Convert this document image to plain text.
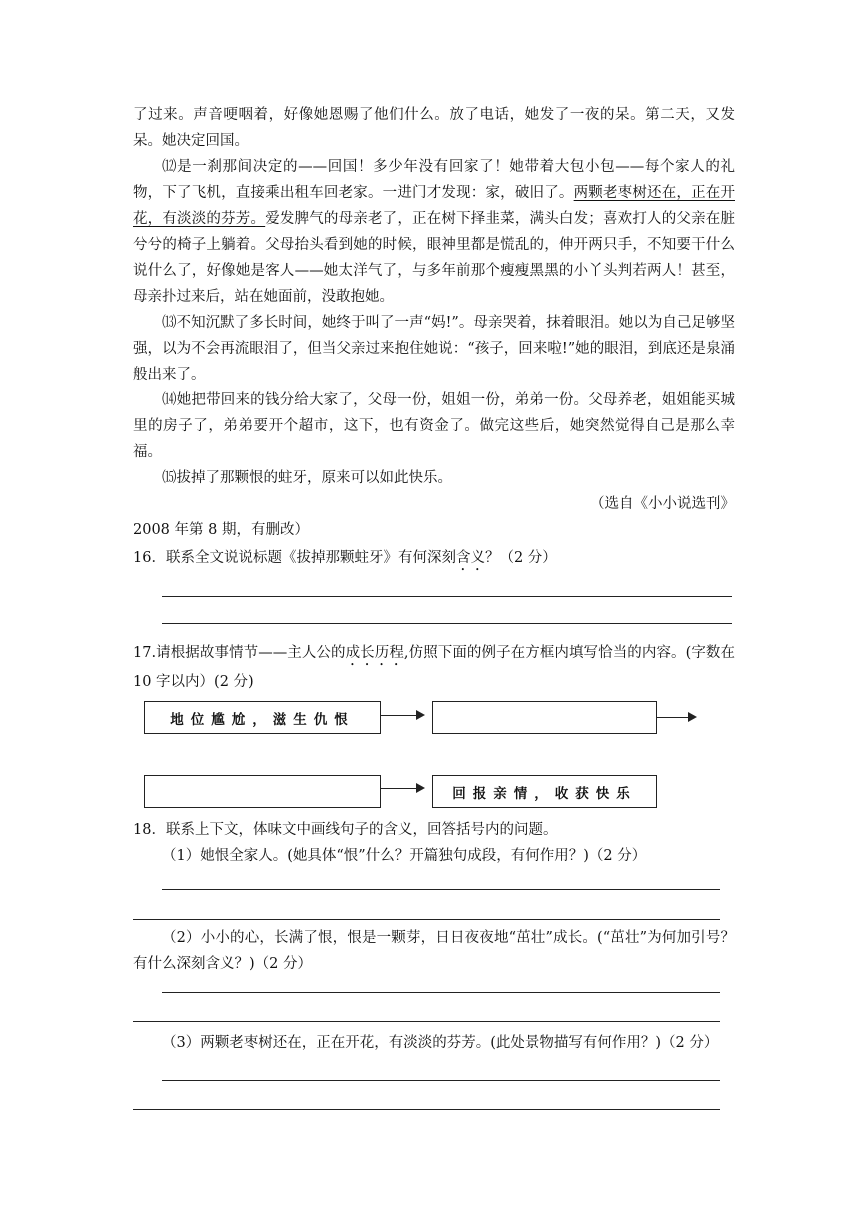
了过来。声音哽咽着，好像她恩赐了他们什么。放了电话，她发了一夜的呆。第二天，又发呆。她决定回国。

⑿是一刹那间决定的——回国！多少年没有回家了！她带着大包小包——每个家人的礼物，下了飞机，直接乘出租车回老家。一进门才发现：家，破旧了。两颗老枣树还在，正在开花，有淡淡的芬芳。爱发脾气的母亲老了，正在树下择韭菜，满头白发；喜欢打人的父亲在脏兮兮的椅子上躺着。父母抬头看到她的时候，眼神里都是慌乱的，伸开两只手，不知要干什么说什么了，好像她是客人——她太洋气了，与多年前那个瘦瘦黑黑的小丫头判若两人！甚至，母亲扑过来后，站在她面前，没敢抱她。

⒀不知沉默了多长时间，她终于叫了一声“妈!”。母亲哭着，抹着眼泪。她以为自己足够坚强，以为不会再流眼泪了，但当父亲过来抱住她说：“孩子，回来啦!”她的眼泪，到底还是泉涌般出来了。

⒁她把带回来的钱分给大家了，父母一份，姐姐一份，弟弟一份。父母养老，姐姐能买城里的房子了，弟弟要开个超市，这下，也有资金了。做完这些后，她突然觉得自己是那么幸福。

⒂拔掉了那颗恨的蛀牙，原来可以如此快乐。

（选自《小小说选刊》

2008 年第 8 期，有删改）

16．联系全文说说标题《拔掉那颗蛀牙》有何深刻含义？（2 分）

17.请根据故事情节——主人公的成长历程,仿照下面的例子在方框内填写恰当的内容。(字数在 10 字以内）(2 分)

地位尴尬，滋生仇恨
回报亲情，收获快乐

18．联系上下文，体味文中画线句子的含义，回答括号内的问题。

（1）她恨全家人。(她具体“恨”什么？开篇独句成段，有何作用？)（2 分）

（2）小小的心，长满了恨，恨是一颗芽，日日夜夜地“茁壮”成长。(“茁壮”为何加引号？有什么深刻含义？)（2 分）

（3）两颗老枣树还在，正在开花，有淡淡的芬芳。(此处景物描写有何作用？)（2 分）
